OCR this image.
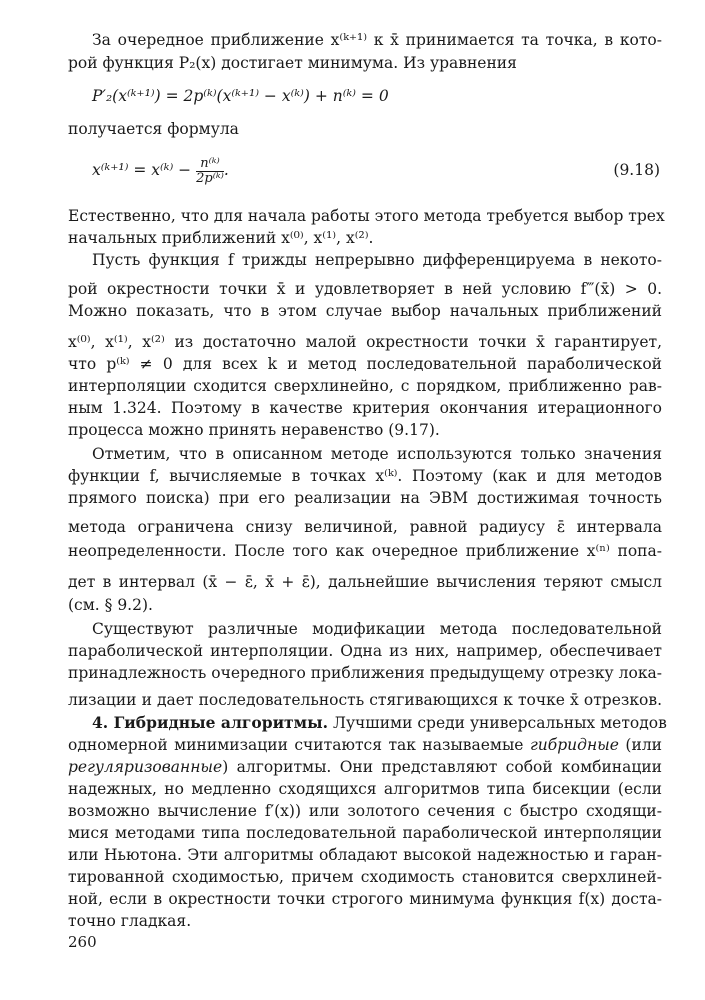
За очередное приближение x⁽ᵏ⁺¹⁾ к x̄ принимается та точка, в кото-
рой функция P₂(x) достигает минимума. Из уравнения
P′₂(x⁽ᵏ⁺¹⁾) = 2p⁽ᵏ⁾(x⁽ᵏ⁺¹⁾ − x⁽ᵏ⁾) + n⁽ᵏ⁾ = 0
получается формула
x⁽ᵏ⁺¹⁾ = x⁽ᵏ⁾ − $\frac{\text{n⁽ᵏ⁾}}{\text{2p⁽ᵏ⁾}}$ .	(9.18)
Естественно, что для начала работы этого метода требуется выбор трех
начальных приближений x⁽⁰⁾, x⁽¹⁾, x⁽²⁾.
Пусть функция f трижды непрерывно дифференцируема в некото-
рой окрестности точки x̄ и удовлетворяет в ней условию f‴(x̄) > 0.
Можно показать, что в этом случае выбор начальных приближений
x⁽⁰⁾, x⁽¹⁾, x⁽²⁾ из достаточно малой окрестности точки x̄ гарантирует,
что p⁽ᵏ⁾ ≠ 0 для всех k и метод последовательной параболической
интерполяции сходится сверхлинейно, с порядком, приближенно рав-
ным 1.324. Поэтому в качестве критерия окончания итерационного
процесса можно принять неравенство (9.17).
Отметим, что в описанном методе используются только значения
функции f, вычисляемые в точках x⁽ᵏ⁾. Поэтому (как и для методов
прямого поиска) при его реализации на ЭВМ достижимая точность
метода ограничена снизу величиной, равной радиусу ε̄ интервала
неопределенности. После того как очередное приближение x⁽ⁿ⁾ попа-
дет в интервал (x̄ − ε̄, x̄ + ε̄), дальнейшие вычисления теряют смысл
(см. § 9.2).
Существуют различные модификации метода последовательной
параболической интерполяции. Одна из них, например, обеспечивает
принадлежность очередного приближения предыдущему отрезку лока-
лизации и дает последовательность стягивающихся к точке x̄ отрезков.
4. Гибридные алгоритмы. Лучшими среди универсальных методов
одномерной минимизации считаются так называемые гибридные (или
регуляризованные) алгоритмы. Они представляют собой комбинации
надежных, но медленно сходящихся алгоритмов типа бисекции (если
возможно вычисление f′(x)) или золотого сечения с быстро сходящи-
мися методами типа последовательной параболической интерполяции
или Ньютона. Эти алгоритмы обладают высокой надежностью и гаран-
тированной сходимостью, причем сходимость становится сверхлиней-
ной, если в окрестности точки строгого минимума функция f(x) доста-
точно гладкая.
260
